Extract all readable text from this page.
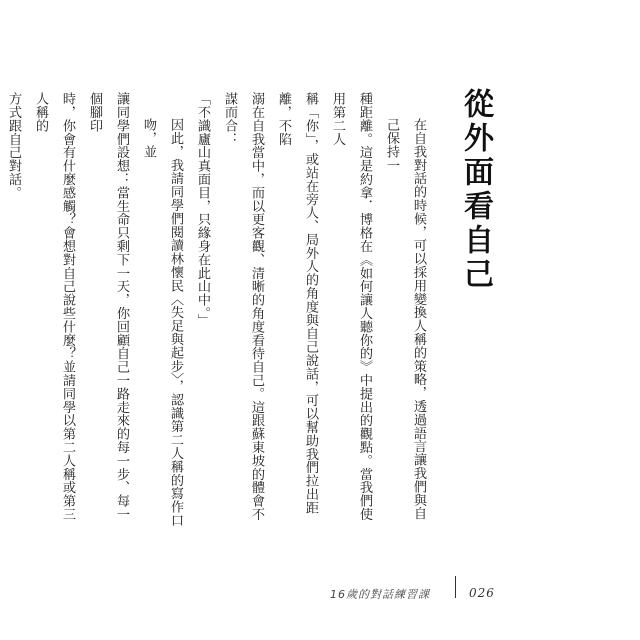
從外面看自己

在自我對話的時候，可以採用變換人稱的策略，透過語言讓我們與自己保持一

種距離。這是約拿．博格在《如何讓人聽你的》中提出的觀點。當我們使用第二人

稱「你」，或站在旁人、局外人的角度與自己說話，可以幫助我們拉出距離，不陷

溺在自我當中，而以更客觀、清晰的角度看待自己。這跟蘇東坡的體會不謀而合：

「不識廬山真面目，只緣身在此山中。」

因此，我請同學們閱讀林懷民〈失足與起步〉，認識第二人稱的寫作口吻，並

讓同學們設想：當生命只剩下一天，你回顧自己一路走來的每一步、每一個腳印

時，你會有什麼感觸？會想對自己說些什麼？並請同學以第二人稱或第三人稱的

方式跟自己對話。

16歲的對話練習課	026
